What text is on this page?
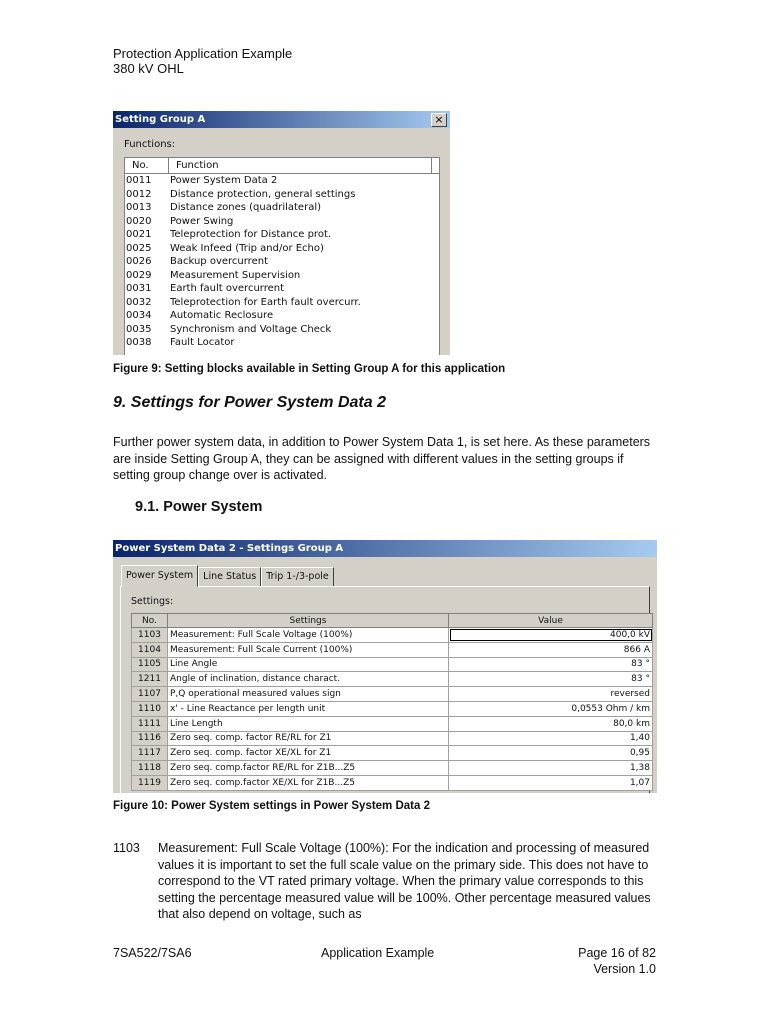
Protection Application Example
380 kV OHL
Setting Group A	×
Functions:
No.	Function
0011	Power System Data 2
0012	Distance protection, general settings
0013	Distance zones (quadrilateral)
0020	Power Swing
0021	Teleprotection for Distance prot.
0025	Weak Infeed (Trip and/or Echo)
0026	Backup overcurrent
0029	Measurement Supervision
0031	Earth fault overcurrent
0032	Teleprotection for Earth fault overcurr.
0034	Automatic Reclosure
0035	Synchronism and Voltage Check
0038	Fault Locator
Figure 9: Setting blocks available in Setting Group A for this application
9. Settings for Power System Data 2
Further power system data, in addition to Power System Data 1, is set here. As these parameters are inside Setting Group A, they can be assigned with different values in the setting groups if setting group change over is activated.
9.1. Power System
Power System Data 2 - Settings Group A
Power System	Line Status	Trip 1-/3-pole
Settings:
No.	Settings	Value
1103	Measurement: Full Scale Voltage (100%)	400,0 kV
1104	Measurement: Full Scale Current (100%)	866 A
1105	Line Angle	83 °
1211	Angle of inclination, distance charact.	83 °
1107	P,Q operational measured values sign	reversed
1110	x' - Line Reactance per length unit	0,0553 Ohm / km
1111	Line Length	80,0 km
1116	Zero seq. comp. factor RE/RL for Z1	1,40
1117	Zero seq. comp. factor XE/XL for Z1	0,95
1118	Zero seq. comp.factor RE/RL for Z1B...Z5	1,38
1119	Zero seq. comp.factor XE/XL for Z1B...Z5	1,07
Figure 10: Power System settings in Power System Data 2
1103	Measurement: Full Scale Voltage (100%): For the indication and processing of measured values it is important to set the full scale value on the primary side. This does not have to correspond to the VT rated primary voltage. When the primary value corresponds to this setting the percentage measured value will be 100%. Other percentage measured values that also depend on voltage, such as
7SA522/7SA6	Application Example	Page 16 of 82
Version 1.0
